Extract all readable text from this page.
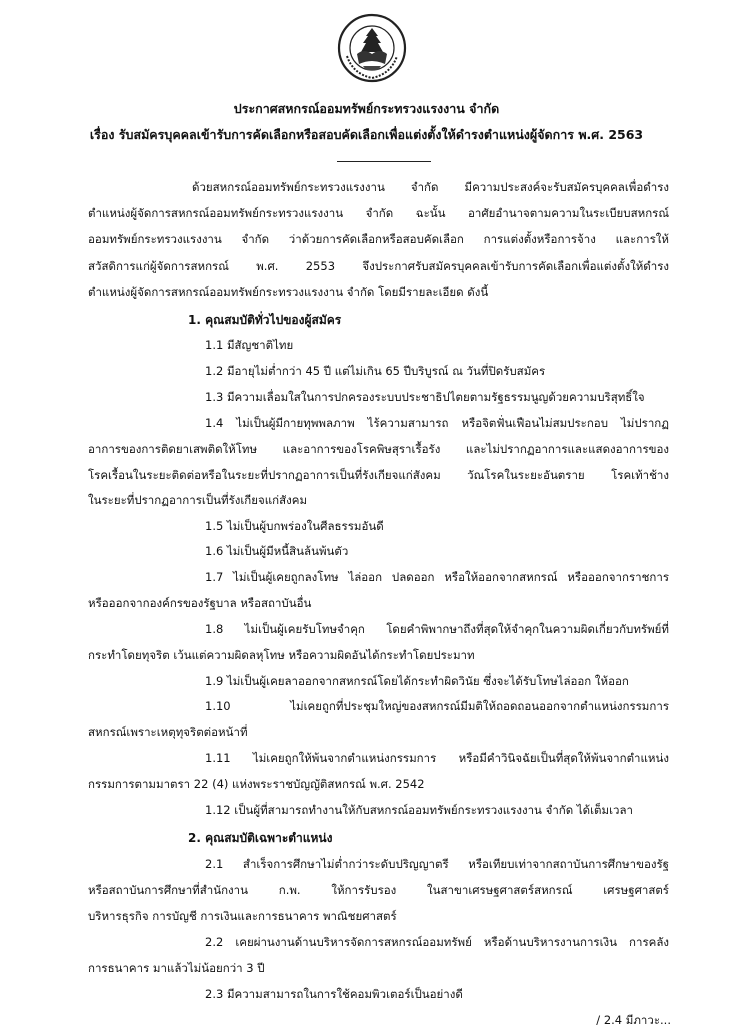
ประกาศสหกรณ์ออมทรัพย์กระทรวงแรงงาน จำกัด
เรื่อง รับสมัครบุคคลเข้ารับการคัดเลือกหรือสอบคัดเลือกเพื่อแต่งตั้งให้ดำรงตำแหน่งผู้จัดการ พ.ศ. 2563
ด้วยสหกรณ์ออมทรัพย์กระทรวงแรงงาน จำกัด มีความประสงค์จะรับสมัครบุคคลเพื่อดำรง
ตำแหน่งผู้จัดการสหกรณ์ออมทรัพย์กระทรวงแรงงาน จำกัด ฉะนั้น อาศัยอำนาจตามความในระเบียบสหกรณ์
ออมทรัพย์กระทรวงแรงงาน จำกัด ว่าด้วยการคัดเลือกหรือสอบคัดเลือก การแต่งตั้งหรือการจ้าง และการให้
สวัสดิการแก่ผู้จัดการสหกรณ์ พ.ศ. 2553 จึงประกาศรับสมัครบุคคลเข้ารับการคัดเลือกเพื่อแต่งตั้งให้ดำรง
ตำแหน่งผู้จัดการสหกรณ์ออมทรัพย์กระทรวงแรงงาน จำกัด โดยมีรายละเอียด ดังนี้
1. คุณสมบัติทั่วไปของผู้สมัคร
1.1 มีสัญชาติไทย
1.2 มีอายุไม่ต่ำกว่า 45 ปี แต่ไม่เกิน 65 ปีบริบูรณ์ ณ วันที่ปิดรับสมัคร
1.3 มีความเลื่อมใสในการปกครองระบบประชาธิปไตยตามรัฐธรรมนูญด้วยความบริสุทธิ์ใจ
1.4 ไม่เป็นผู้มีกายทุพพลภาพ ไร้ความสามารถ หรือจิตฟั่นเฟือนไม่สมประกอบ ไม่ปรากฏ
อาการของการติดยาเสพติดให้โทษ และอาการของโรคพิษสุราเรื้อรัง และไม่ปรากฏอาการและแสดงอาการของ
โรคเรื้อนในระยะติดต่อหรือในระยะที่ปรากฏอาการเป็นที่รังเกียจแก่สังคม วัณโรคในระยะอันตราย โรคเท้าช้าง
ในระยะที่ปรากฏอาการเป็นที่รังเกียจแก่สังคม
1.5 ไม่เป็นผู้บกพร่องในศีลธรรมอันดี
1.6 ไม่เป็นผู้มีหนี้สินล้นพ้นตัว
1.7 ไม่เป็นผู้เคยถูกลงโทษ ไล่ออก ปลดออก หรือให้ออกจากสหกรณ์ หรือออกจากราชการ
หรือออกจากองค์กรของรัฐบาล หรือสถาบันอื่น
1.8 ไม่เป็นผู้เคยรับโทษจำคุก โดยคำพิพากษาถึงที่สุดให้จำคุกในความผิดเกี่ยวกับทรัพย์ที่
กระทำโดยทุจริต เว้นแต่ความผิดลหุโทษ หรือความผิดอันได้กระทำโดยประมาท
1.9 ไม่เป็นผู้เคยลาออกจากสหกรณ์โดยได้กระทำผิดวินัย ซึ่งจะได้รับโทษไล่ออก ให้ออก
1.10 ไม่เคยถูกที่ประชุมใหญ่ของสหกรณ์มีมติให้ถอดถอนออกจากตำแหน่งกรรมการ
สหกรณ์เพราะเหตุทุจริตต่อหน้าที่
1.11 ไม่เคยถูกให้พ้นจากตำแหน่งกรรมการ หรือมีคำวินิจฉัยเป็นที่สุดให้พ้นจากตำแหน่ง
กรรมการตามมาตรา 22 (4) แห่งพระราชบัญญัติสหกรณ์ พ.ศ. 2542
1.12 เป็นผู้ที่สามารถทำงานให้กับสหกรณ์ออมทรัพย์กระทรวงแรงงาน จำกัด ได้เต็มเวลา
2. คุณสมบัติเฉพาะตำแหน่ง
2.1 สำเร็จการศึกษาไม่ต่ำกว่าระดับปริญญาตรี หรือเทียบเท่าจากสถาบันการศึกษาของรัฐ
หรือสถาบันการศึกษาที่สำนักงาน ก.พ. ให้การรับรอง ในสาขาเศรษฐศาสตร์สหกรณ์ เศรษฐศาสตร์
บริหารธุรกิจ การบัญชี การเงินและการธนาคาร พาณิชยศาสตร์
2.2 เคยผ่านงานด้านบริหารจัดการสหกรณ์ออมทรัพย์ หรือด้านบริหารงานการเงิน การคลัง
การธนาคาร มาแล้วไม่น้อยกว่า 3 ปี
2.3 มีความสามารถในการใช้คอมพิวเตอร์เป็นอย่างดี
/ 2.4 มีภาวะ...
